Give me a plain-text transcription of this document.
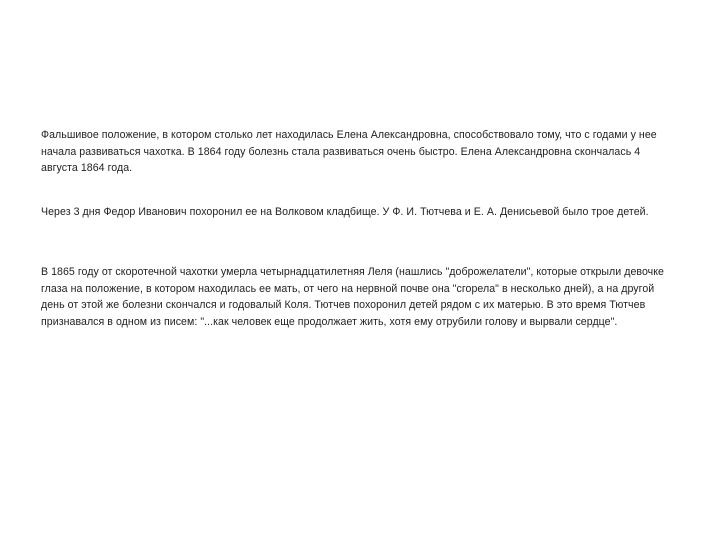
Фальшивое положение, в котором столько лет находилась Елена Александровна, способствовало тому, что с годами у нее начала развиваться чахотка. В 1864 году болезнь стала развиваться очень быстро. Елена Александровна скончалась 4 августа 1864 года.

Через 3 дня Федор Иванович похоронил ее на Волковом кладбище. У Ф. И. Тютчева и Е. А. Денисьевой было трое детей.

В 1865 году от скоротечной чахотки умерла четырнадцатилетняя Леля (нашлись "доброжелатели", которые открыли девочке глаза на положение, в котором находилась ее мать, от чего на нервной почве она "сгорела" в несколько дней), а на другой день от этой же болезни скончался и годовалый Коля. Тютчев похоронил детей рядом с их матерью. В это время Тютчев признавался в одном из писем: "...как человек еще продолжает жить, хотя ему отрубили голову и вырвали сердце".
